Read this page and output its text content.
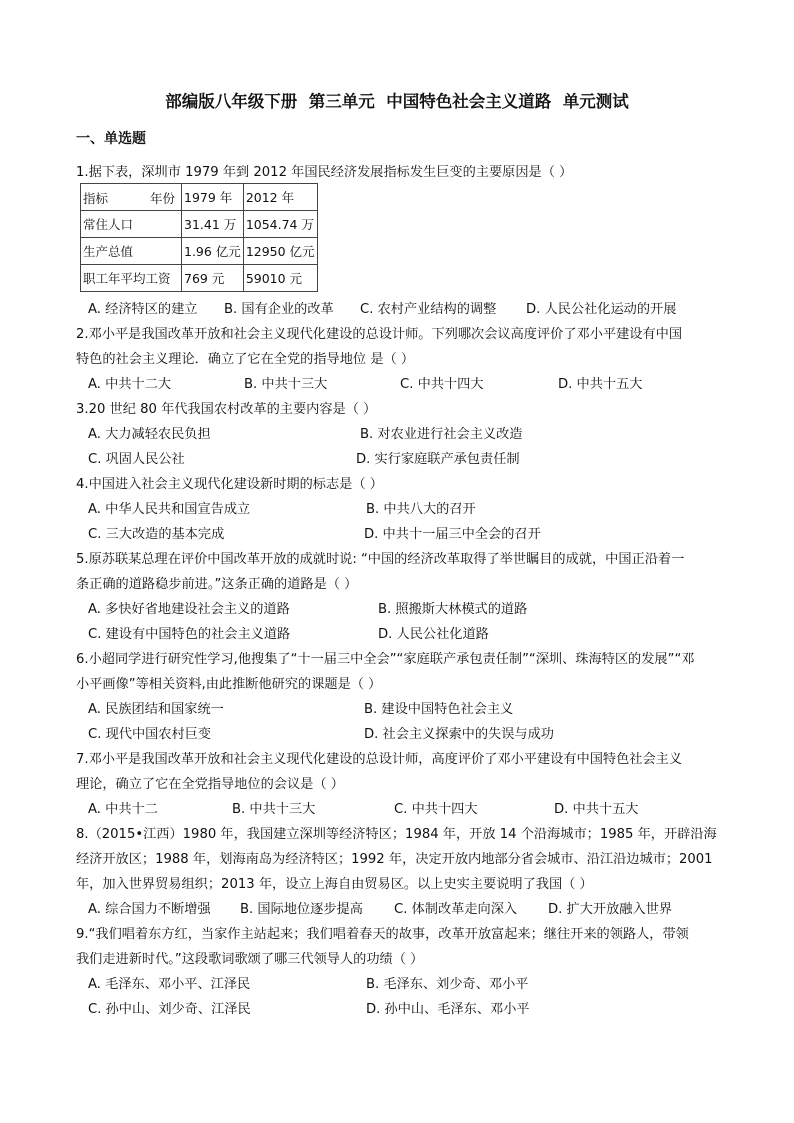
部编版八年级下册  第三单元  中国特色社会主义道路  单元测试
一、单选题
1.据下表，深圳市 1979 年到 2012 年国民经济发展指标发生巨变的主要原因是（ ）
指标 年份	1979 年	2012 年
常住人口	31.41 万	1054.74 万
生产总值	1.96 亿元	12950 亿元
职工年平均工资	769 元	59010 元
A. 经济特区的建立 B. 国有企业的改革 C. 农村产业结构的调整 D. 人民公社化运动的开展
2.邓小平是我国改革开放和社会主义现代化建设的总设计师。下列哪次会议高度评价了邓小平建设有中国
特色的社会主义理论．确立了它在全党的指导地位 是（ ）
A. 中共十二大	B. 中共十三大	C. 中共十四大	D. 中共十五大
3.20 世纪 80 年代我国农村改革的主要内容是（ ）
A. 大力减轻农民负担	B. 对农业进行社会主义改造
C. 巩固人民公社	D. 实行家庭联产承包责任制
4.中国进入社会主义现代化建设新时期的标志是（ ）
A. 中华人民共和国宣告成立	B. 中共八大的召开
C. 三大改造的基本完成	D. 中共十一届三中全会的召开
5.原苏联某总理在评价中国改革开放的成就时说: “中国的经济改革取得了举世瞩目的成就，中国正沿着一
条正确的道路稳步前进。”这条正确的道路是（ ）
A. 多快好省地建设社会主义的道路	B. 照搬斯大林模式的道路
C. 建设有中国特色的社会主义道路	D. 人民公社化道路
6.小超同学进行研究性学习,他搜集了“十一届三中全会”“家庭联产承包责任制”“深圳、珠海特区的发展”“邓
小平画像”等相关资料,由此推断他研究的课题是（ ）
A. 民族团结和国家统一	B. 建设中国特色社会主义
C. 现代中国农村巨变	D. 社会主义探索中的失误与成功
7.邓小平是我国改革开放和社会主义现代化建设的总设计师，高度评价了邓小平建设有中国特色社会主义
理论，确立了它在全党指导地位的会议是（ ）
A. 中共十二	B. 中共十三大	C. 中共十四大	D. 中共十五大
8.（2015•江西）1980 年，我国建立深圳等经济特区；1984 年，开放 14 个沿海城市；1985 年，开辟沿海
经济开放区；1988 年，划海南岛为经济特区；1992 年，决定开放内地部分省会城市、沿江沿边城市；2001
年，加入世界贸易组织；2013 年，设立上海自由贸易区。以上史实主要说明了我国（ ）
A. 综合国力不断增强 B. 国际地位逐步提高 C. 体制改革走向深入 D. 扩大开放融入世界
9.“我们唱着东方红，当家作主站起来；我们唱着春天的故事，改革开放富起来；继往开来的领路人，带领
我们走进新时代。”这段歌词歌颂了哪三代领导人的功绩（ ）
A. 毛泽东、邓小平、江泽民	B. 毛泽东、刘少奇、邓小平
C. 孙中山、刘少奇、江泽民	D. 孙中山、毛泽东、邓小平
